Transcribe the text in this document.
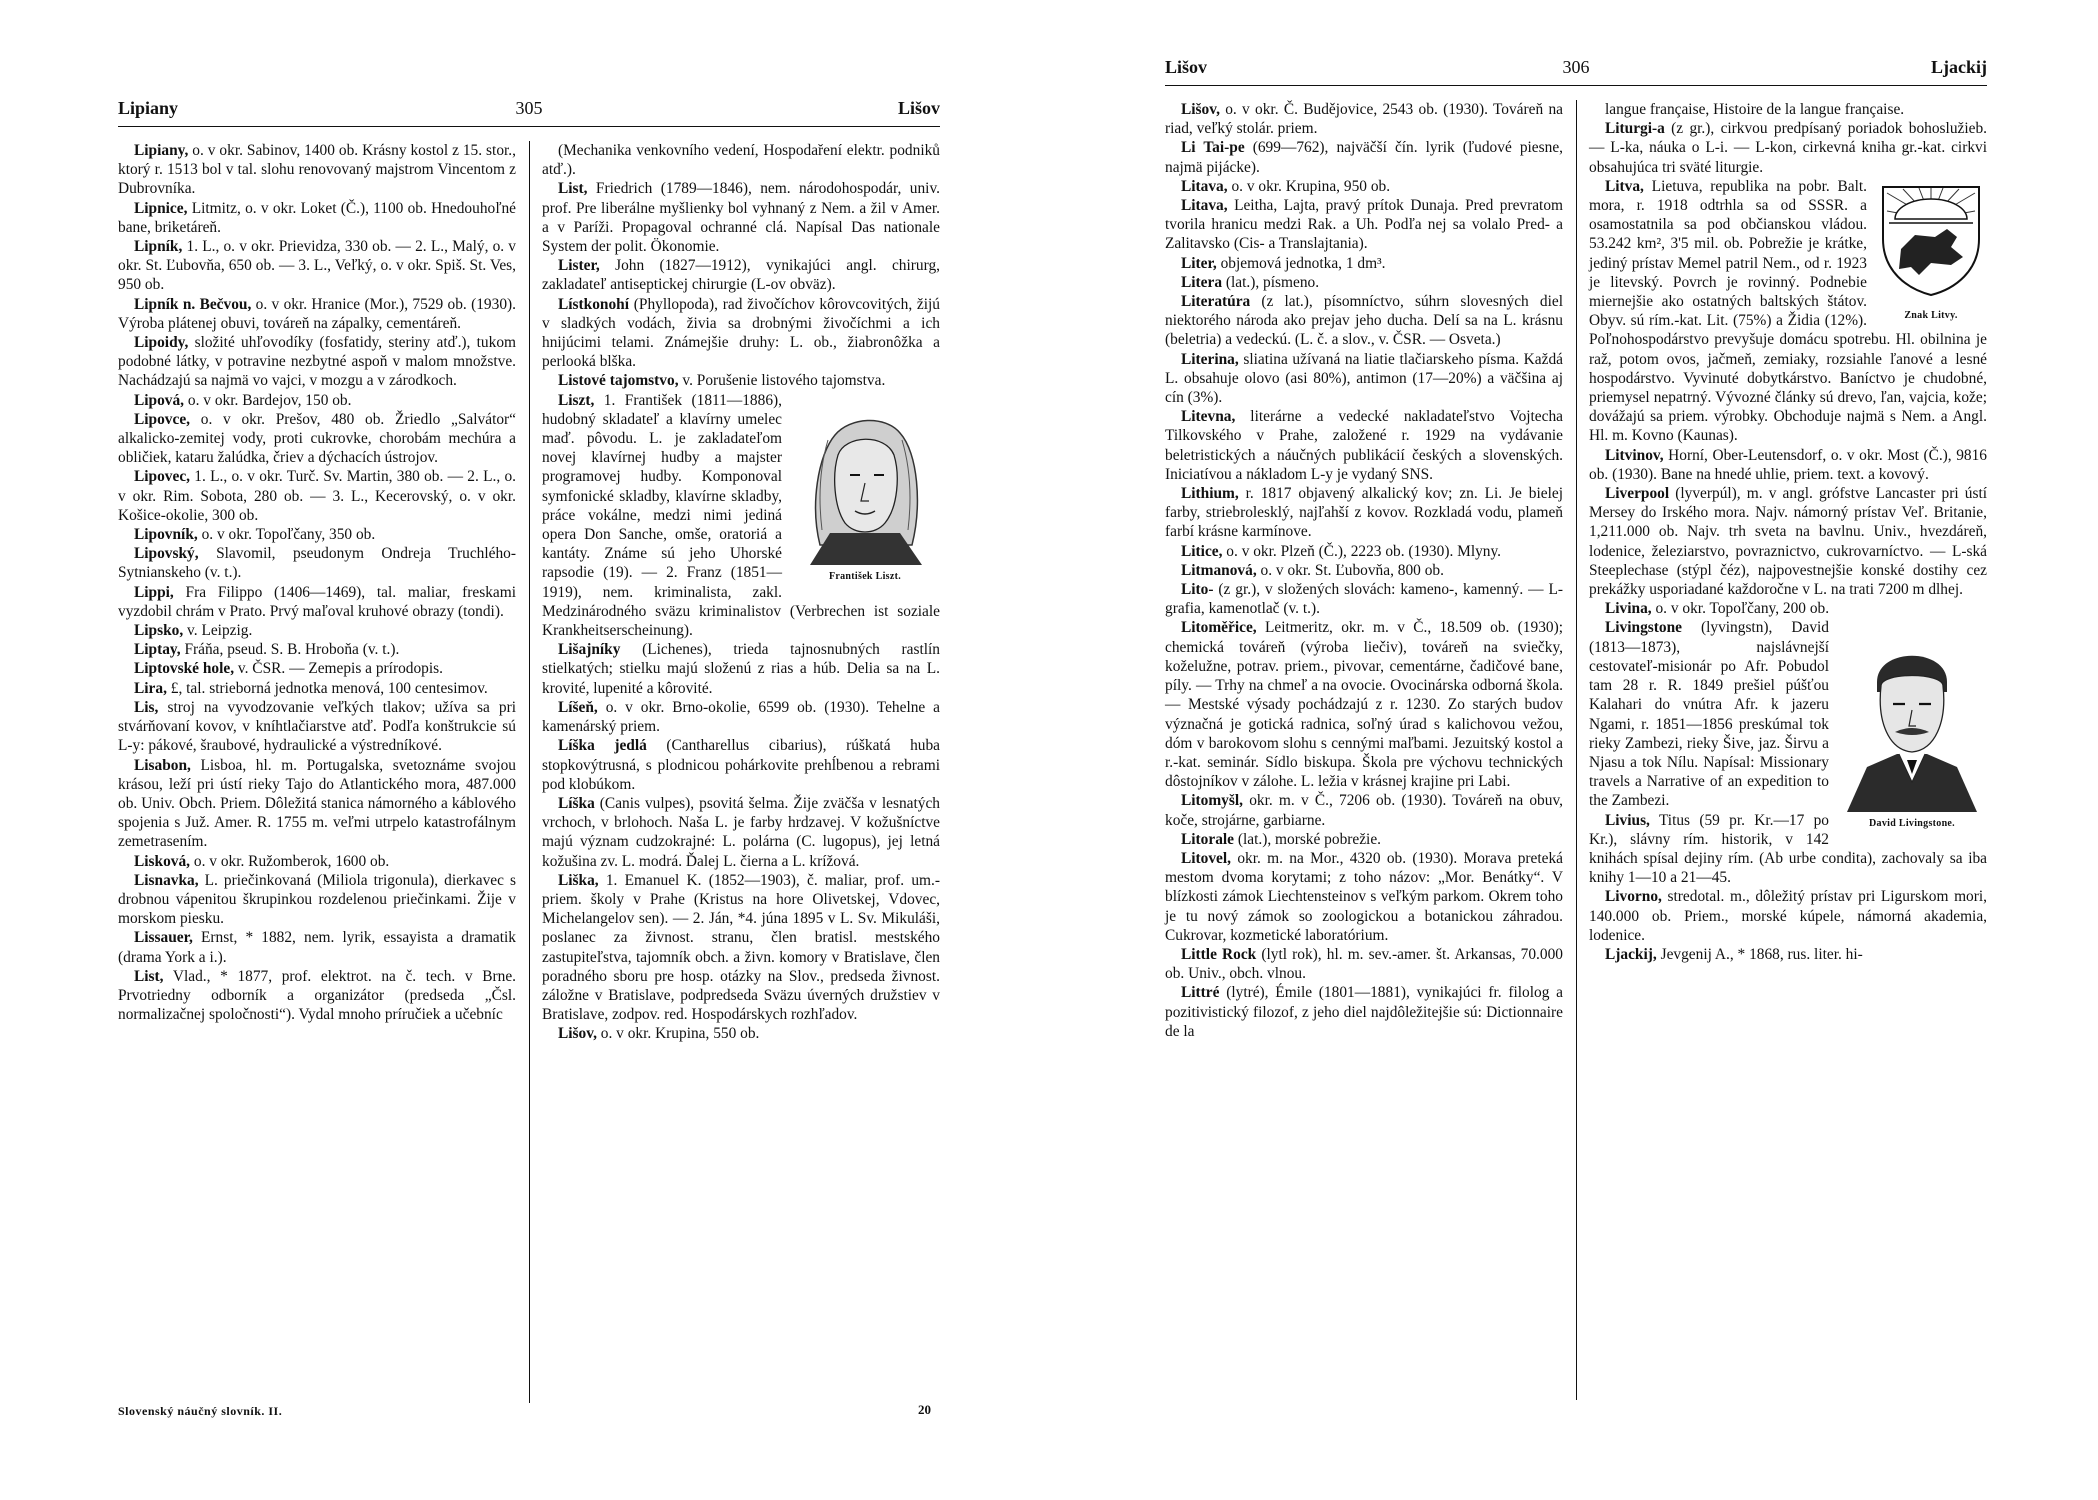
Lipiany	305	Lišov

Lipiany, o. v okr. Sabinov, 1400 ob. Krásny kostol z 15. stor., ktorý r. 1513 bol v tal. slohu renovovaný majstrom Vincentom z Dubrovníka.

Lipnice, Litmitz, o. v okr. Loket (Č.), 1100 ob. Hnedouhoľné bane, briketáreň.

Lipník, 1. L., o. v okr. Prievidza, 330 ob. — 2. L., Malý, o. v okr. St. Ľubovňa, 650 ob. — 3. L., Veľký, o. v okr. Spiš. St. Ves, 950 ob.

Lipník n. Bečvou, o. v okr. Hranice (Mor.), 7529 ob. (1930). Výroba plátenej obuvi, továreň na zápalky, cementáreň.

Lipoidy, složité uhľovodíky (fosfatidy, steriny atď.), tukom podobné látky, v potravine nezbytné aspoň v malom množstve. Nachádzajú sa najmä vo vajci, v mozgu a v zárodkoch.

Lipová, o. v okr. Bardejov, 150 ob.

Lipovce, o. v okr. Prešov, 480 ob. Žriedlo „Salvátor“ alkalicko-zemitej vody, proti cukrovke, chorobám mechúra a obličiek, kataru žalúdka, čriev a dýchacích ústrojov.

Lipovec, 1. L., o. v okr. Turč. Sv. Martin, 380 ob. — 2. L., o. v okr. Rim. Sobota, 280 ob. — 3. L., Kecerovský, o. v okr. Košice-okolie, 300 ob.

Lipovník, o. v okr. Topoľčany, 350 ob.

Lipovský, Slavomil, pseudonym Ondreja Truchlého-Sytnianskeho (v. t.).

Lippi, Fra Filippo (1406—1469), tal. maliar, freskami vyzdobil chrám v Prato. Prvý maľoval kruhové obrazy (tondi).

Lipsko, v. Leipzig.

Liptay, Fráňa, pseud. S. B. Hroboňa (v. t.).

Liptovské hole, v. ČSR. — Zemepis a prírodopis.

Lira, £, tal. strieborná jednotka menová, 100 centesimov.

Lis, stroj na vyvodzovanie veľkých tlakov; užíva sa pri stvárňovaní kovov, v kníhtlačiarstve atď. Podľa konštrukcie sú L-y: pákové, šraubové, hydraulické a výstredníkové.

Lisabon, Lisboa, hl. m. Portugalska, svetoznáme svojou krásou, leží pri ústí rieky Tajo do Atlantického mora, 487.000 ob. Univ. Obch. Priem. Dôležitá stanica námorného a káblového spojenia s Juž. Amer. R. 1755 m. veľmi utrpelo katastrofálnym zemetrasením.

Lisková, o. v okr. Ružomberok, 1600 ob.

Lisnavka, L. priečinkovaná (Miliola trigonula), dierkavec s drobnou vápenitou škrupinkou rozdelenou priečinkami. Žije v morskom piesku.

Lissauer, Ernst, * 1882, nem. lyrik, essayista a dramatik (drama York a i.).

List, Vlad., * 1877, prof. elektrot. na č. tech. v Brne. Prvotriedny odborník a organizátor (predseda „Čsl. normalizačnej spoločnosti“). Vydal mnoho príručiek a učebníc

(Mechanika venkovního vedení, Hospodaření elektr. podniků atď.).

List, Friedrich (1789—1846), nem. národohospodár, univ. prof. Pre liberálne myšlienky bol vyhnaný z Nem. a žil v Amer. a v Paríži. Propagoval ochranné clá. Napísal Das nationale System der polit. Ökonomie.

Lister, John (1827—1912), vynikajúci angl. chirurg, zakladateľ antiseptickej chirurgie (L-ov obväz).

Lístkonohí (Phyllopoda), rad živočíchov kôrovcovitých, žijú v sladkých vodách, živia sa drobnými živočíchmi a ich hnijúcimi telami. Známejšie druhy: L. ob., žiabronôžka a perlooká blška.

Listové tajomstvo, v. Porušenie listového tajomstva.

František Liszt.

Liszt, 1. František (1811—1886), hudobný skladateľ a klavírny umelec maď. pôvodu. L. je zakladateľom novej klavírnej hudby a majster programovej hudby. Komponoval symfonické skladby, klavírne skladby, práce vokálne, medzi nimi jediná opera Don Sanche, omše, oratoriá a kantáty. Známe sú jeho Uhorské rapsodie (19). — 2. Franz (1851—1919), nem. kriminalista, zakl. Medzinárodného sväzu kriminalistov (Verbrechen ist soziale Krankheitserscheinung).

Lišajníky (Lichenes), trieda tajnosnubných rastlín stielkatých; stielku majú složenú z rias a húb. Delia sa na L. krovité, lupenité a kôrovité.

Líšeň, o. v okr. Brno-okolie, 6599 ob. (1930). Tehelne a kamenárský priem.

Líška jedlá (Cantharellus cibarius), rúškatá huba stopkovýtrusná, s plodnicou pohárkovite prehĺbenou a rebrami pod klobúkom.

Líška (Canis vulpes), psovitá šelma. Žije zväčša v lesnatých vrchoch, v brlohoch. Naša L. je farby hrdzavej. V kožušníctve majú význam cudzokrajné: L. polárna (C. lugopus), jej letná kožušina zv. L. modrá. Ďalej L. čierna a L. krížová.

Liška, 1. Emanuel K. (1852—1903), č. maliar, prof. um.-priem. školy v Prahe (Kristus na hore Olivetskej, Vdovec, Michelangelov sen). — 2. Ján, *4. júna 1895 v L. Sv. Mikuláši, poslanec za živnost. stranu, člen bratisl. mestského zastupiteľstva, tajomník obch. a živn. komory v Bratislave, člen poradného sboru pre hosp. otázky na Slov., predseda živnost. záložne v Bratislave, podpredseda Sväzu úverných družstiev v Bratislave, zodpov. red. Hospodárskych rozhľadov.

Lišov, o. v okr. Krupina, 550 ob.

Slovenský náučný slovník. II.	20
Lišov	306	Ljackij

Lišov, o. v okr. Č. Budějovice, 2543 ob. (1930). Továreň na riad, veľký stolár. priem.

Li Tai-pe (699—762), najväčší čín. lyrik (ľudové piesne, najmä pijácke).

Litava, o. v okr. Krupina, 950 ob.

Litava, Leitha, Lajta, pravý prítok Dunaja. Pred prevratom tvorila hranicu medzi Rak. a Uh. Podľa nej sa volalo Pred- a Zalitavsko (Cis- a Translajtania).

Liter, objemová jednotka, 1 dm³.

Litera (lat.), písmeno.

Literatúra (z lat.), písomníctvo, súhrn slovesných diel niektorého národa ako prejav jeho ducha. Delí sa na L. krásnu (beletria) a vedeckú. (L. č. a slov., v. ČSR. — Osveta.)

Literina, sliatina užívaná na liatie tlačiarskeho písma. Každá L. obsahuje olovo (asi 80%), antimon (17—20%) a väčšina aj cín (3%).

Litevna, literárne a vedecké nakladateľstvo Vojtecha Tilkovského v Prahe, založené r. 1929 na vydávanie beletristických a náučných publikácií českých a slovenských. Iniciatívou a nákladom L-y je vydaný SNS.

Lithium, r. 1817 objavený alkalický kov; zn. Li. Je bielej farby, striebrolesklý, najľahší z kovov. Rozkladá vodu, plameň farbí krásne karmínove.

Litice, o. v okr. Plzeň (Č.), 2223 ob. (1930). Mlyny.

Litmanová, o. v okr. St. Ľubovňa, 800 ob.

Lito- (z gr.), v složených slovách: kameno-, kamenný. — L-grafia, kamenotlač (v. t.).

Litoměřice, Leitmeritz, okr. m. v Č., 18.509 ob. (1930); chemická továreň (výroba liečiv), továreň na sviečky, koželužne, potrav. priem., pivovar, cementárne, čadičové bane, píly. — Trhy na chmeľ a na ovocie. Ovocinárska odborná škola. — Mestské výsady pochádzajú z r. 1230. Zo starých budov význačná je gotická radnica, soľný úrad s kalichovou vežou, dóm v barokovom slohu s cennými maľbami. Jezuitský kostol a r.-kat. seminár. Sídlo biskupa. Škola pre výchovu technických dôstojníkov v zálohe. L. ležia v krásnej krajine pri Labi.

Litomyšl, okr. m. v Č., 7206 ob. (1930). Továreň na obuv, koče, strojárne, garbiarne.

Litorale (lat.), morské pobrežie.

Litovel, okr. m. na Mor., 4320 ob. (1930). Morava preteká mestom dvoma korytami; z toho názov: „Mor. Benátky“. V blízkosti zámok Liechtensteinov s veľkým parkom. Okrem toho je tu nový zámok so zoologickou a botanickou záhradou. Cukrovar, kozmetické laboratórium.

Little Rock (lytl rok), hl. m. sev.-amer. št. Arkansas, 70.000 ob. Univ., obch. vlnou.

Littré (lytré), Émile (1801—1881), vynikajúci fr. filolog a pozitivistický filozof, z jeho diel najdôležitejšie sú: Dictionnaire de la

langue française, Histoire de la langue française.

Liturgi-a (z gr.), cirkvou predpísaný poriadok bohoslužieb. — L-ka, náuka o L-i. — L-kon, cirkevná kniha gr.-kat. cirkvi obsahujúca tri sväté liturgie.

Znak Litvy.

Litva, Lietuva, republika na pobr. Balt. mora, r. 1918 odtrhla sa od SSSR. a osamostatnila sa pod občianskou vládou. 53.242 km², 3'5 mil. ob. Pobrežie je krátke, jediný prístav Memel patril Nem., od r. 1923 je litevský. Povrch je rovinný. Podnebie miernejšie ako ostatných baltských štátov. Obyv. sú rím.-kat. Lit. (75%) a Židia (12%). Poľnohospodárstvo prevyšuje domácu spotrebu. Hl. obilnina je raž, potom ovos, jačmeň, zemiaky, rozsiahle ľanové a lesné hospodárstvo. Vyvinuté dobytkárstvo. Baníctvo je chudobné, priemysel nepatrný. Vývozné články sú drevo, ľan, vajcia, kože; dovážajú sa priem. výrobky. Obchoduje najmä s Nem. a Angl. Hl. m. Kovno (Kaunas).

Litvinov, Horní, Ober-Leutensdorf, o. v okr. Most (Č.), 9816 ob. (1930). Bane na hnedé uhlie, priem. text. a kovový.

Liverpool (lyverpúl), m. v angl. grófstve Lancaster pri ústí Mersey do Irského mora. Najv. námorný prístav Veľ. Britanie, 1,211.000 ob. Najv. trh sveta na bavlnu. Univ., hvezdáreň, lodenice, železiarstvo, povraznictvo, cukrovarníctvo. — L-ská Steeplechase (stýpl čéz), najpovestnejšie konské dostihy cez prekážky usporiadané každoročne v L. na trati 7200 m dlhej.

Livina, o. v okr. Topoľčany, 200 ob.

David Livingstone.

Livingstone (lyvingstn), David (1813—1873), najslávnejší cestovateľ-misionár po Afr. Pobudol tam 28 r. R. 1849 prešiel púšťou Kalahari do vnútra Afr. k jazeru Ngami, r. 1851—1856 preskúmal tok rieky Zambezi, rieky Šive, jaz. Širvu a Njasu a tok Nílu. Napísal: Missionary travels a Narrative of an expedition to the Zambezi.

Livius, Titus (59 pr. Kr.—17 po Kr.), slávny rím. historik, v 142 knihách spísal dejiny rím. (Ab urbe condita), zachovaly sa iba knihy 1—10 a 21—45.

Livorno, stredotal. m., dôležitý prístav pri Ligurskom mori, 140.000 ob. Priem., morské kúpele, námorná akademia, lodenice.

Ljackij, Jevgenij A., * 1868, rus. liter. hi-
